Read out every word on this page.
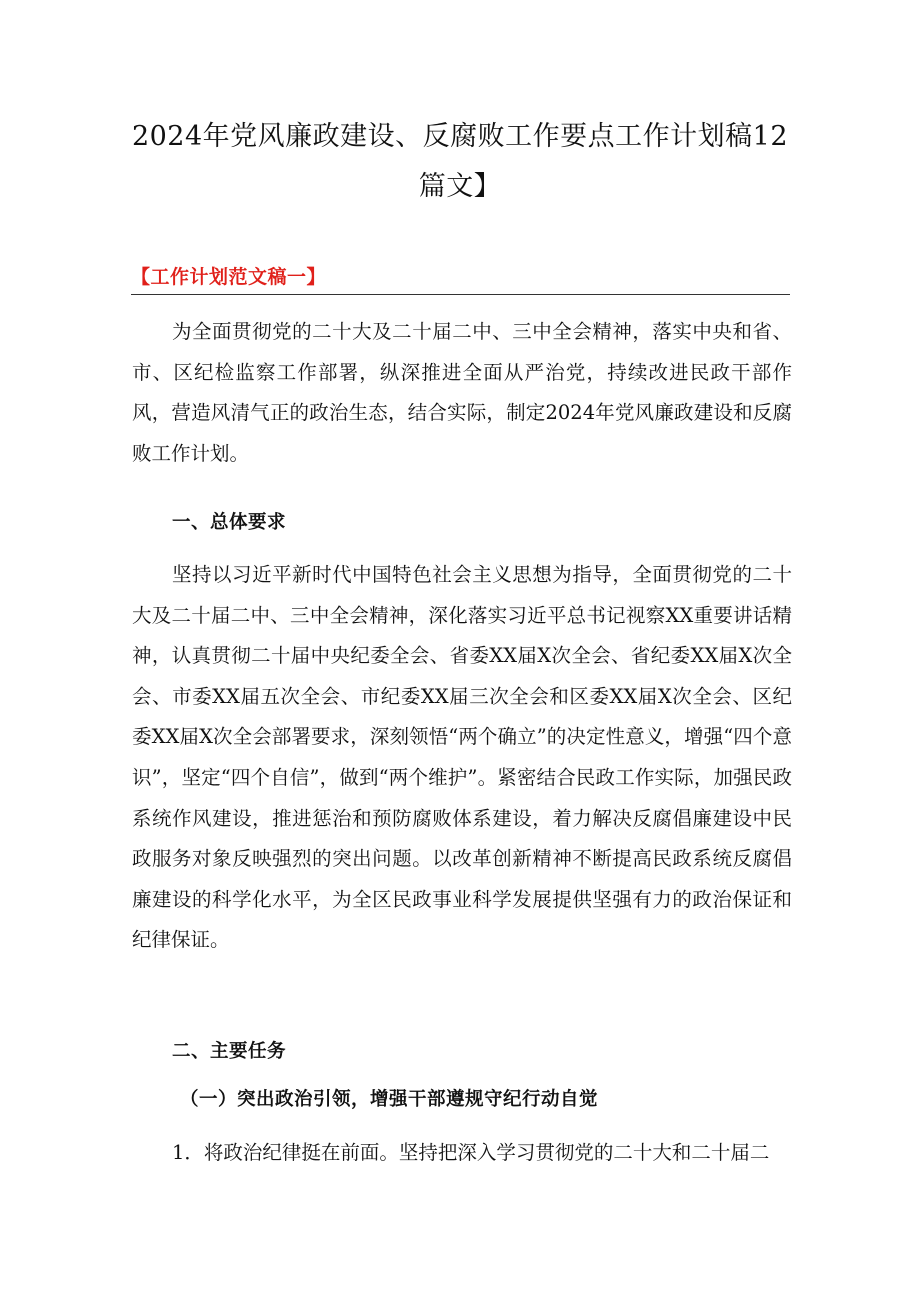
2024年党风廉政建设、反腐败工作要点工作计划稿12篇文】
【工作计划范文稿一】

为全面贯彻党的二十大及二十届二中、三中全会精神，落实中央和省、市、区纪检监察工作部署，纵深推进全面从严治党，持续改进民政干部作风，营造风清气正的政治生态，结合实际，制定2024年党风廉政建设和反腐败工作计划。

一、总体要求

坚持以习近平新时代中国特色社会主义思想为指导，全面贯彻党的二十大及二十届二中、三中全会精神，深化落实习近平总书记视察XX重要讲话精神，认真贯彻二十届中央纪委全会、省委XX届X次全会、省纪委XX届X次全会、市委XX届五次全会、市纪委XX届三次全会和区委XX届X次全会、区纪委XX届X次全会部署要求，深刻领悟“两个确立”的决定性意义，增强“四个意识”，坚定“四个自信”，做到“两个维护”。紧密结合民政工作实际，加强民政系统作风建设，推进惩治和预防腐败体系建设，着力解决反腐倡廉建设中民政服务对象反映强烈的突出问题。以改革创新精神不断提高民政系统反腐倡廉建设的科学化水平，为全区民政事业科学发展提供坚强有力的政治保证和纪律保证。

二、主要任务
（一）突出政治引领，增强干部遵规守纪行动自觉

1．将政治纪律挺在前面。坚持把深入学习贯彻党的二十大和二十届二
